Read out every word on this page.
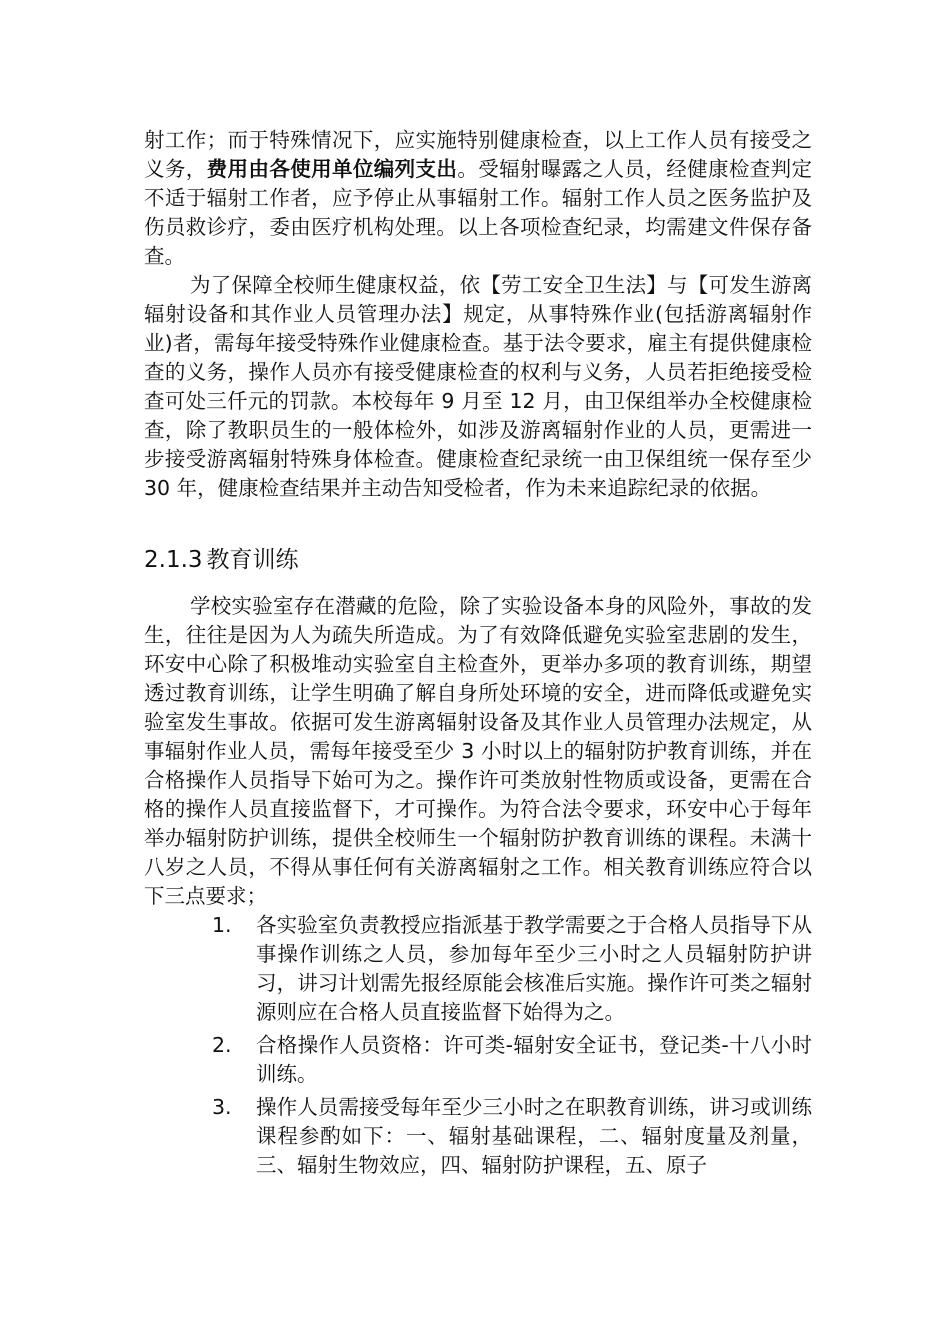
射工作；而于特殊情况下，应实施特别健康检查，以上工作人员有接受之义务，费用由各使用单位编列支出。受辐射曝露之人员，经健康检查判定不适于辐射工作者，应予停止从事辐射工作。辐射工作人员之医务监护及伤员救诊疗，委由医疗机构处理。以上各项检查纪录，均需建文件保存备查。

为了保障全校师生健康权益，依【劳工安全卫生法】与【可发生游离辐射设备和其作业人员管理办法】规定，从事特殊作业(包括游离辐射作业)者，需每年接受特殊作业健康检查。基于法令要求，雇主有提供健康检查的义务，操作人员亦有接受健康检查的权利与义务，人员若拒绝接受检查可处三仟元的罚款。本校每年 9 月至 12 月，由卫保组举办全校健康检查，除了教职员生的一般体检外，如涉及游离辐射作业的人员，更需进一步接受游离辐射特殊身体检查。健康检查纪录统一由卫保组统一保存至少 30 年，健康检查结果并主动告知受检者，作为未来追踪纪录的依据。

2.1.3 教育训练

学校实验室存在潜藏的危险，除了实验设备本身的风险外，事故的发生，往往是因为人为疏失所造成。为了有效降低避免实验室悲剧的发生，环安中心除了积极堆动实验室自主检查外，更举办多项的教育训练，期望透过教育训练，让学生明确了解自身所处环境的安全，进而降低或避免实验室发生事故。依据可发生游离辐射设备及其作业人员管理办法规定，从事辐射作业人员，需每年接受至少 3 小时以上的辐射防护教育训练，并在合格操作人员指导下始可为之。操作许可类放射性物质或设备，更需在合格的操作人员直接监督下，才可操作。为符合法令要求，环安中心于每年举办辐射防护训练，提供全校师生一个辐射防护教育训练的课程。未满十八岁之人员，不得从事任何有关游离辐射之工作。相关教育训练应符合以下三点要求；

1.	各实验室负责教授应指派基于教学需要之于合格人员指导下从事操作训练之人员，参加每年至少三小时之人员辐射防护讲习，讲习计划需先报经原能会核准后实施。操作许可类之辐射源则应在合格人员直接监督下始得为之。
2.	合格操作人员资格：许可类-辐射安全证书，登记类-十八小时训练。
3.	操作人员需接受每年至少三小时之在职教育训练，讲习或训练课程参酌如下：一、辐射基础课程，二、辐射度量及剂量，三、辐射生物效应，四、辐射防护课程，五、原子
